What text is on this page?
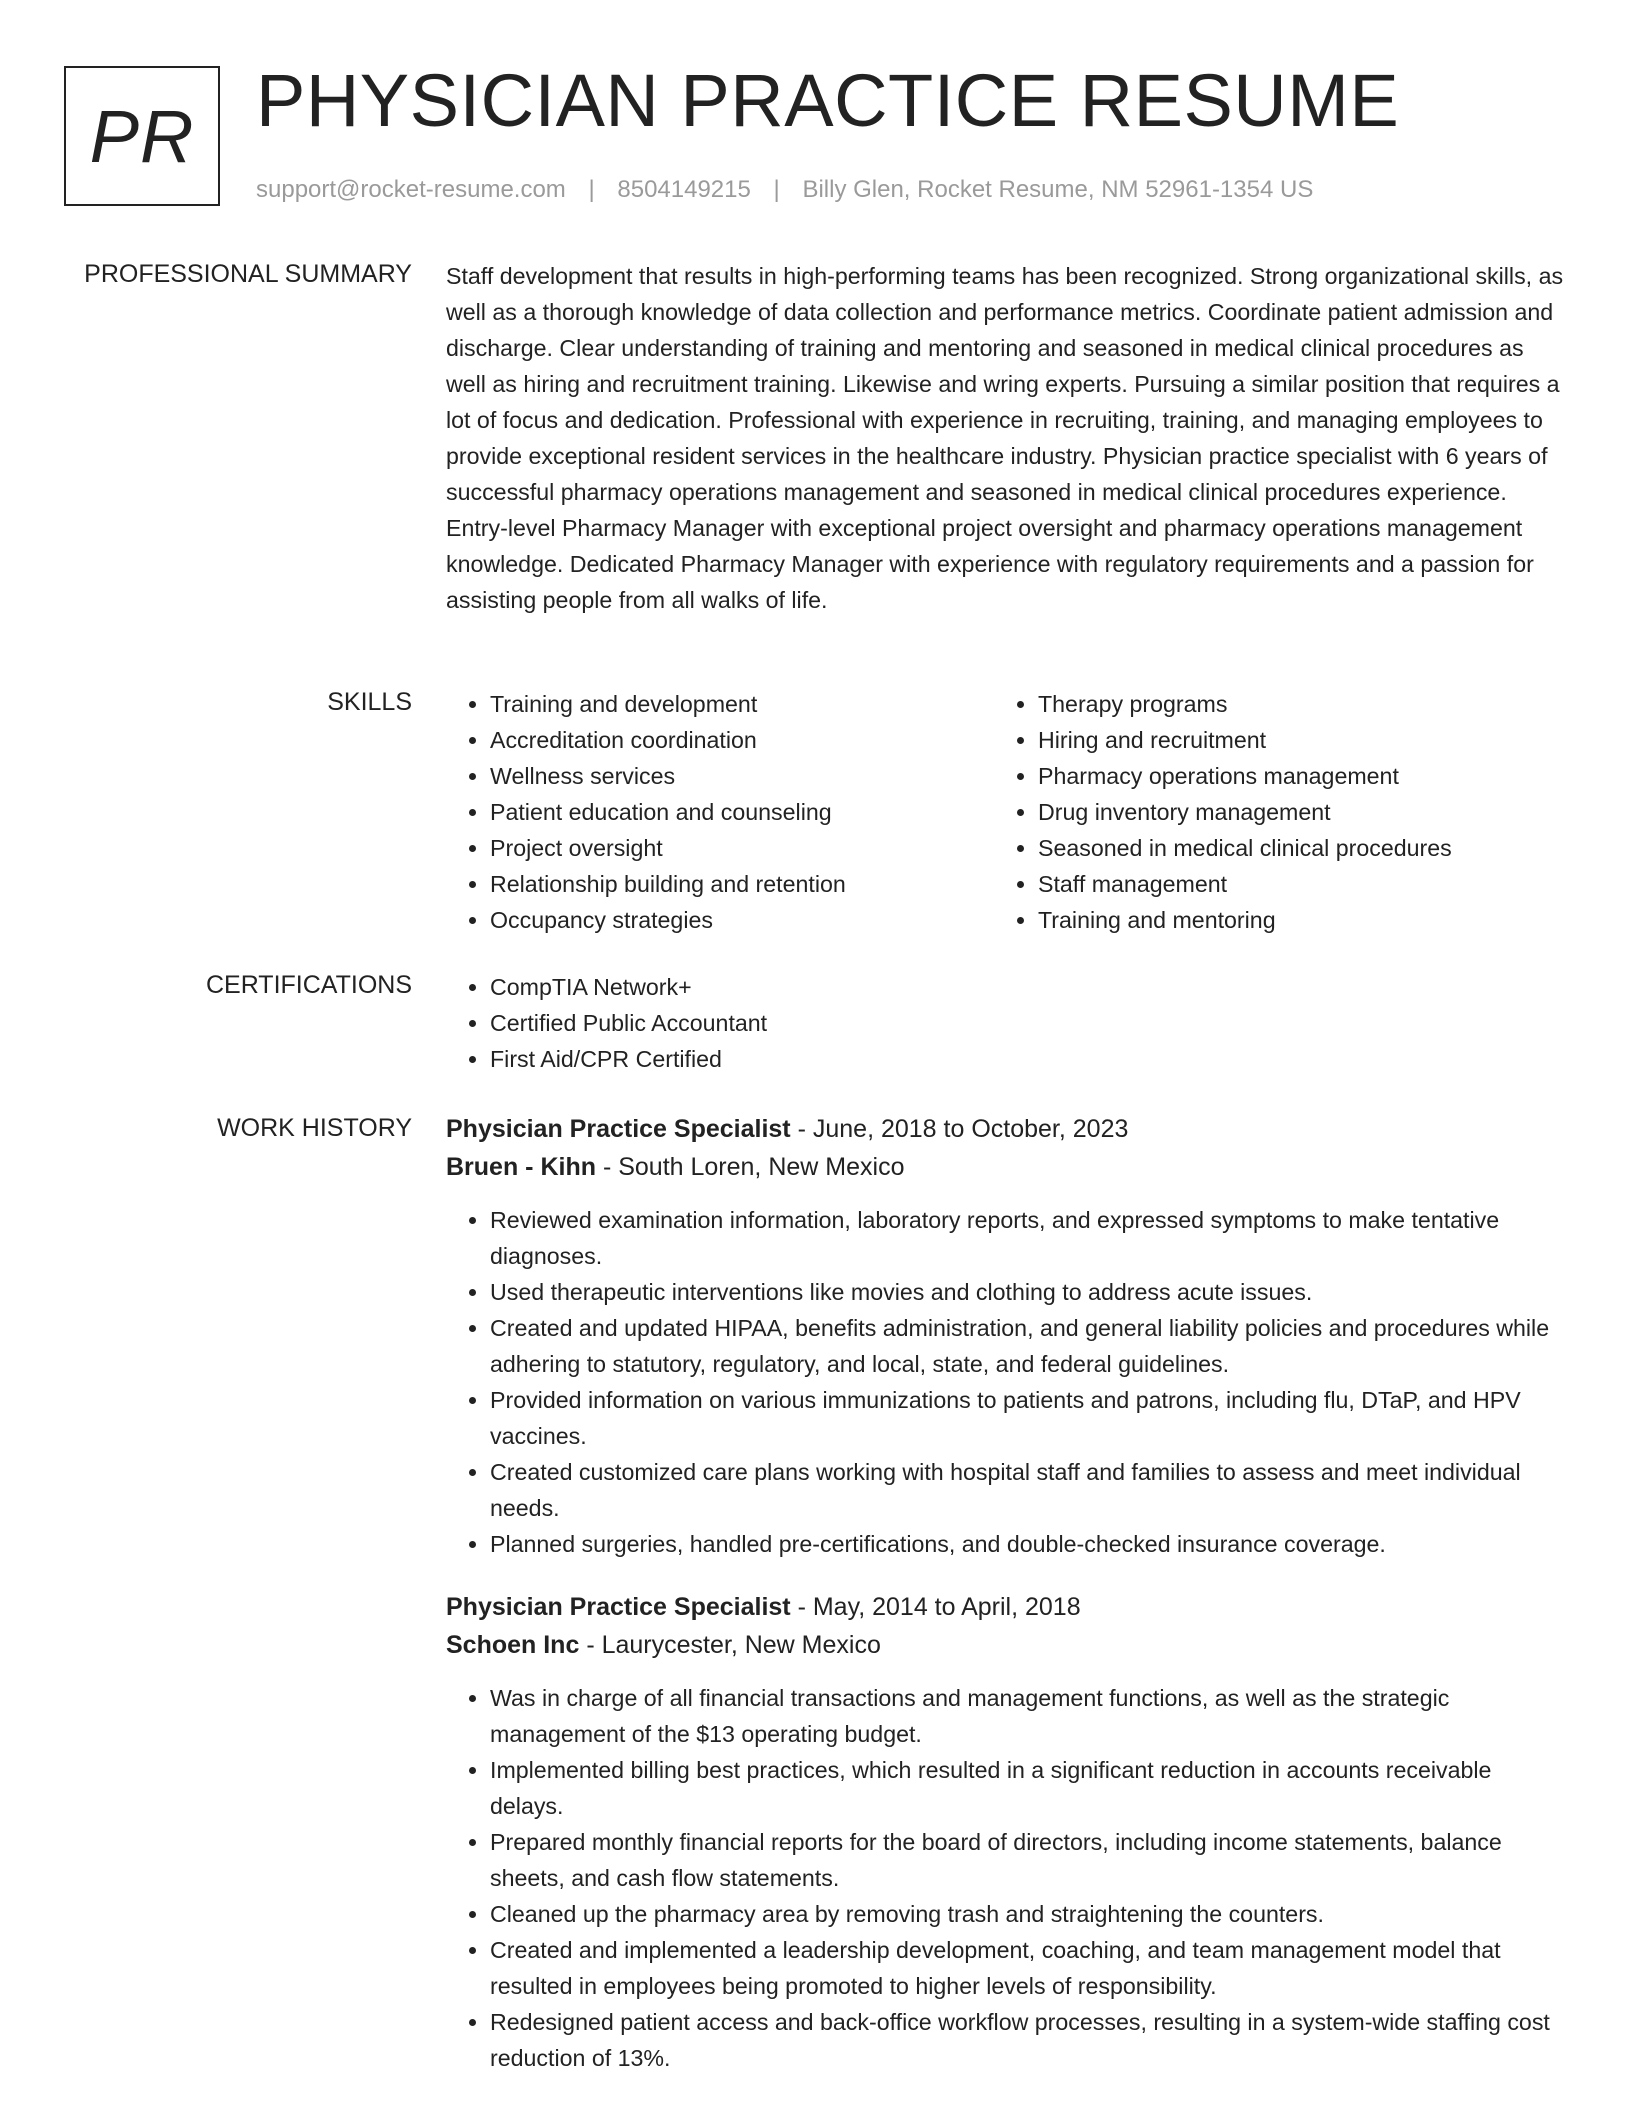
PR PHYSICIAN PRACTICE RESUME
support@rocket-resume.com | 8504149215 | Billy Glen, Rocket Resume, NM 52961-1354 US
PROFESSIONAL SUMMARY Staff development that results in high-performing teams has been recognized. Strong organizational skills, as well as a thorough knowledge of data collection and performance metrics. Coordinate patient admission and discharge. Clear understanding of training and mentoring and seasoned in medical clinical procedures as well as hiring and recruitment training. Likewise and wring experts. Pursuing a similar position that requires a lot of focus and dedication. Professional with experience in recruiting, training, and managing employees to provide exceptional resident services in the healthcare industry. Physician practice specialist with 6 years of successful pharmacy operations management and seasoned in medical clinical procedures experience. Entry-level Pharmacy Manager with exceptional project oversight and pharmacy operations management knowledge. Dedicated Pharmacy Manager with experience with regulatory requirements and a passion for assisting people from all walks of life.

SKILLS	• Training and development
• Accreditation coordination
• Wellness services
• Patient education and counseling
• Project oversight
• Relationship building and retention
• Occupancy strategies
• Therapy programs
• Hiring and recruitment
• Pharmacy operations management
• Drug inventory management
• Seasoned in medical clinical procedures
• Staff management
• Training and mentoring
CERTIFICATIONS	• CompTIA Network+
• Certified Public Accountant
• First Aid/CPR Certified
WORK HISTORY Physician Practice Specialist - June, 2018 to October, 2023
Bruen - Kihn - South Loren, New Mexico
• Reviewed examination information, laboratory reports, and expressed symptoms to make tentative diagnoses.
• Used therapeutic interventions like movies and clothing to address acute issues.
• Created and updated HIPAA, benefits administration, and general liability policies and procedures while adhering to statutory, regulatory, and local, state, and federal guidelines.
• Provided information on various immunizations to patients and patrons, including flu, DTaP, and HPV vaccines.
• Created customized care plans working with hospital staff and families to assess and meet individual needs.
• Planned surgeries, handled pre-certifications, and double-checked insurance coverage.
Physician Practice Specialist - May, 2014 to April, 2018
Schoen Inc - Laurycester, New Mexico
• Was in charge of all financial transactions and management functions, as well as the strategic management of the $13 operating budget.
• Implemented billing best practices, which resulted in a significant reduction in accounts receivable delays.
• Prepared monthly financial reports for the board of directors, including income statements, balance sheets, and cash flow statements.
• Cleaned up the pharmacy area by removing trash and straightening the counters.
• Created and implemented a leadership development, coaching, and team management model that resulted in employees being promoted to higher levels of responsibility.
• Redesigned patient access and back-office workflow processes, resulting in a system-wide staffing cost reduction of 13%.
